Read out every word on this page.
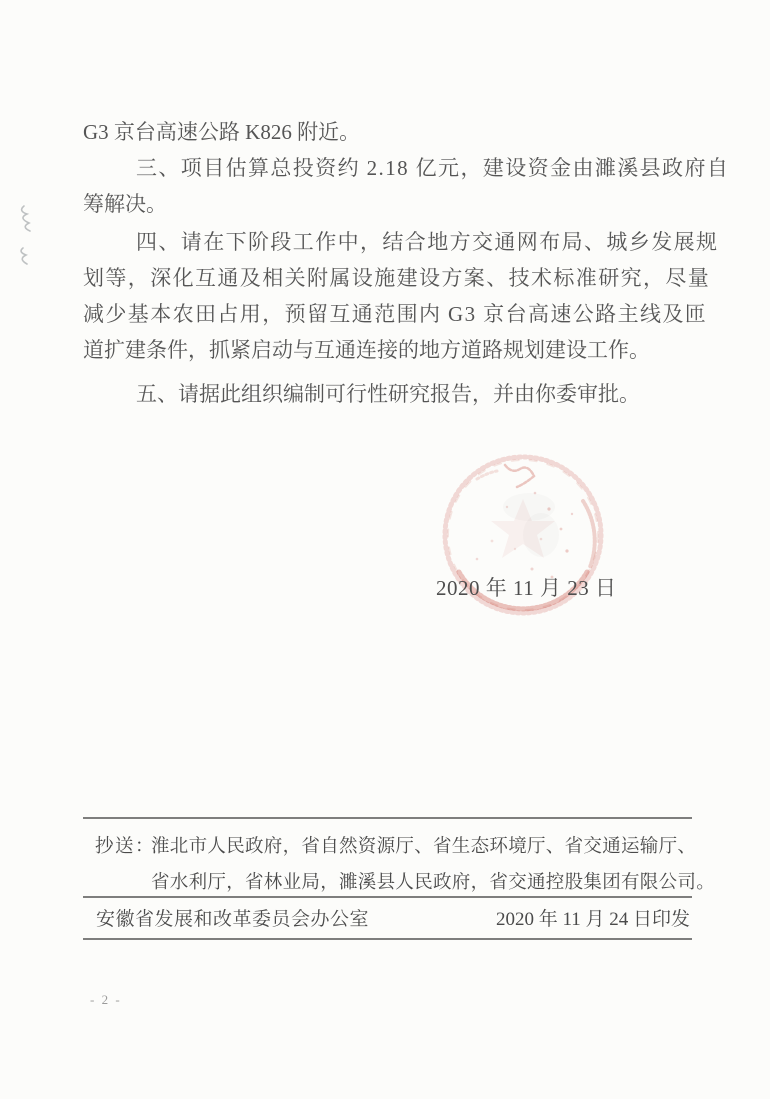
G3 京台高速公路 K826 附近。
三、项目估算总投资约 2.18 亿元，建设资金由濉溪县政府自
筹解决。
四、请在下阶段工作中，结合地方交通网布局、城乡发展规
划等，深化互通及相关附属设施建设方案、技术标准研究，尽量
减少基本农田占用，预留互通范围内 G3 京台高速公路主线及匝
道扩建条件，抓紧启动与互通连接的地方道路规划建设工作。
五、请据此组织编制可行性研究报告，并由你委审批。
2020 年 11 月 23 日
抄送：
淮北市人民政府，省自然资源厅、省生态环境厅、省交通运输厅、
省水利厅，省林业局，濉溪县人民政府，省交通控股集团有限公司。
安徽省发展和改革委员会办公室	2020 年 11 月 24 日印发
- 2 -
